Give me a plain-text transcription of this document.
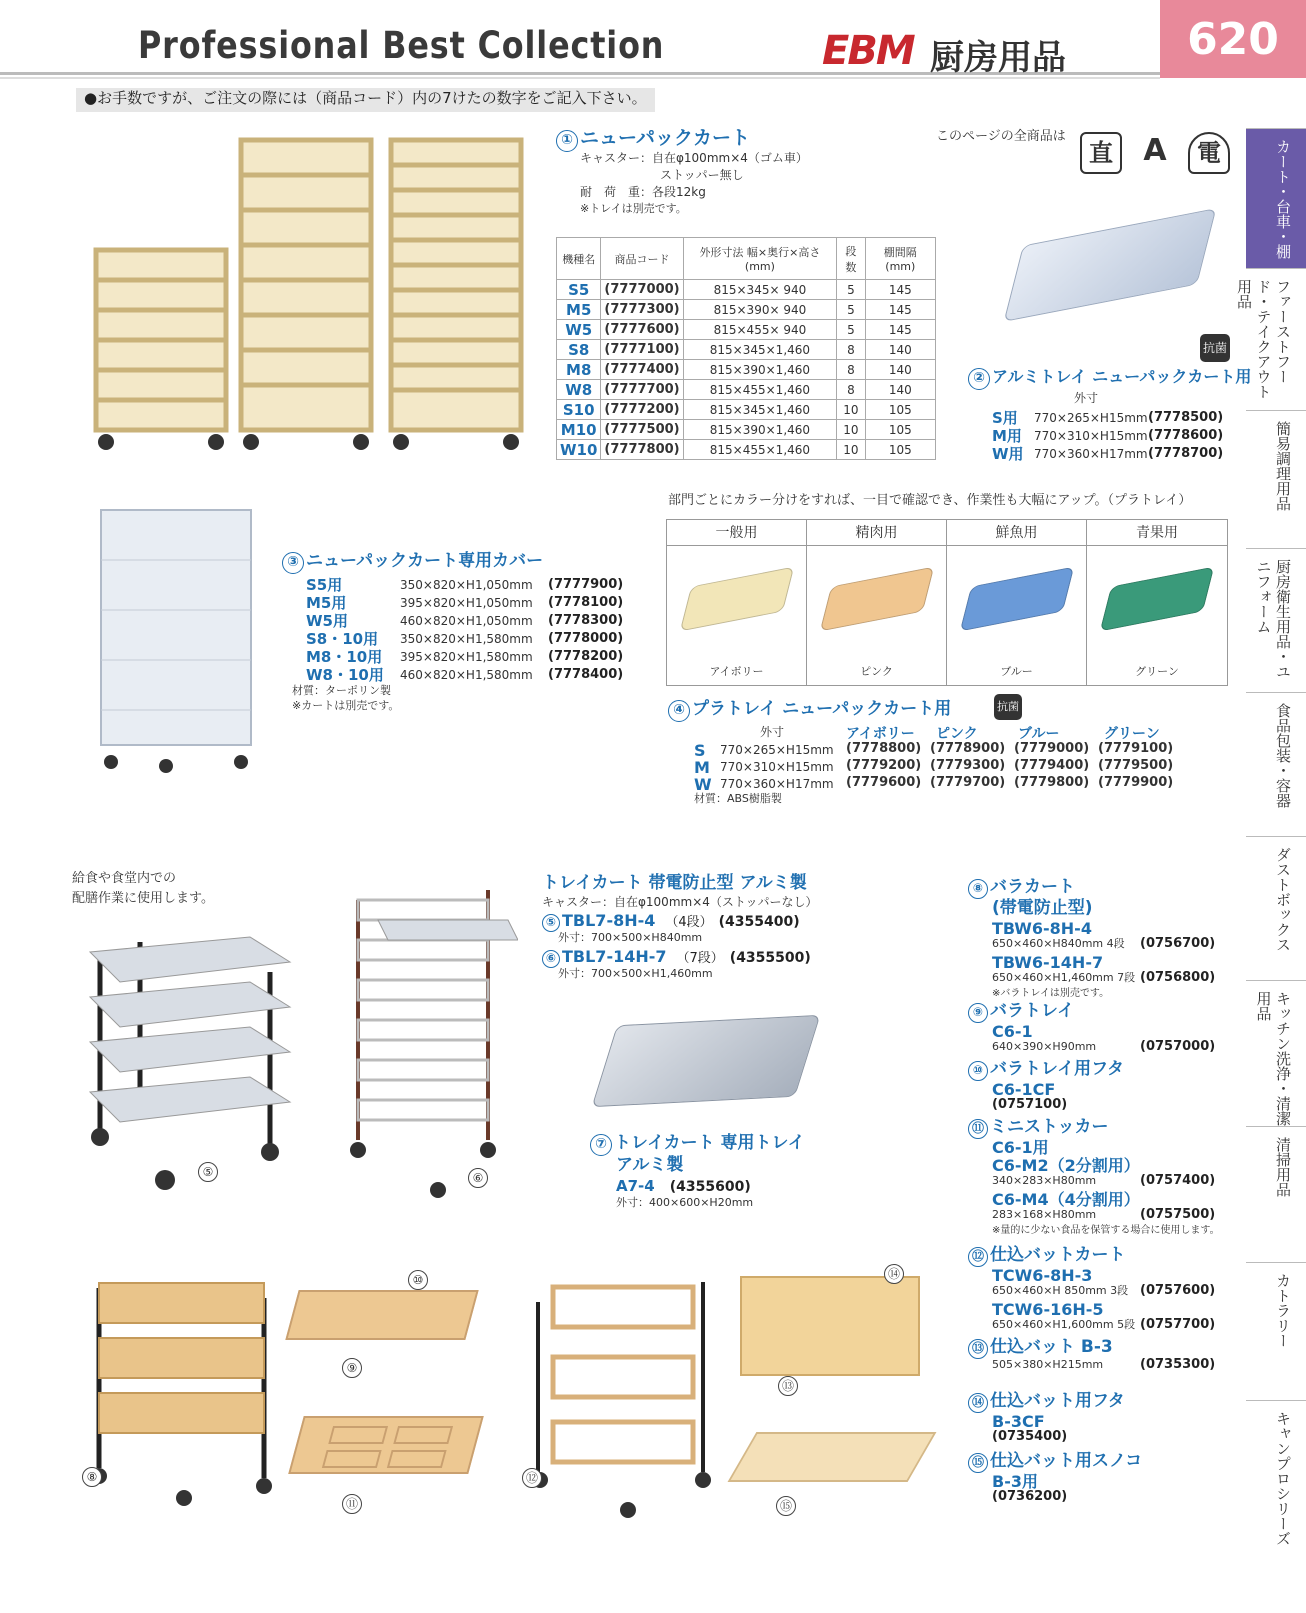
Professional Best Collection	EBM 厨房用品	620
●お手数ですが、ご注文の際には（商品コード）内の7けたの数字をご記入下さい。
カート・台車・棚
ファーストフード・テイクアウト用品
簡易調理用品
厨房衛生用品・ユニフォーム
食品包装・容器
ダストボックス
キッチン洗浄・清潔用品
清掃用品
カトラリー
キャンプロシリーズ
このページの全商品は
直	A	電
① ニューパックカート
キャスター：自在φ100mm×4（ゴム車）
ストッパー無し
耐　荷　重：各段12kg
※トレイは別売です。
機種名	商品コード	外形寸法 幅×奥行×高さ(mm)	段数	棚間隔 (mm)
S5	(7777000)	815×345× 940	5	145
M5	(7777300)	815×390× 940	5	145
W5	(7777600)	815×455× 940	5	145
S8	(7777100)	815×345×1,460	8	140
M8	(7777400)	815×390×1,460	8	140
W8	(7777700)	815×455×1,460	8	140
S10	(7777200)	815×345×1,460	10	105
M10	(7777500)	815×390×1,460	10	105
W10	(7777800)	815×455×1,460	10	105
抗菌
② アルミトレイ ニューパックカート用
外寸
S用 770×265×H15mm (7778500)
M用 770×310×H15mm (7778600)
W用 770×360×H17mm (7778700)
③ ニューパックカート専用カバー
S5用	350×820×H1,050mm (7777900)
M5用	395×820×H1,050mm (7778100)
W5用	460×820×H1,050mm (7778300)
S8・10用 350×820×H1,580mm (7778000)
M8・10用 395×820×H1,580mm (7778200)
W8・10用 460×820×H1,580mm (7778400)
材質：ターポリン製
※カートは別売です。
部門ごとにカラー分けをすれば、一目で確認でき、作業性も大幅にアップ。（プラトレイ）
一般用
アイボリー
精肉用
ピンク
鮮魚用
ブルー
青果用
グリーン
④ プラトレイ ニューパックカート用	抗菌
外寸	アイボリー ピンク	ブルー	グリーン
S 770×265×H15mm (7778800) (7778900) (7779000) (7779100)
M 770×310×H15mm (7779200) (7779300) (7779400) (7779500)
W 770×360×H17mm (7779600) (7779700) (7779800) (7779900)
材質：ABS樹脂製
給食や食堂内での
配膳作業に使用します。
⑤	⑥
トレイカート 帯電防止型 アルミ製
キャスター：自在φ100mm×4（ストッパーなし）
⑤ TBL7-8H-4 （4段） (4355400)
外寸：700×500×H840mm
⑥ TBL7-14H-7 （7段） (4355500)
外寸：700×500×H1,460mm
⑦ トレイカート 専用トレイ
アルミ製
A7-4　 (4355600)
外寸：400×600×H20mm
⑧
⑨
⑩
⑪
⑫
⑬
⑭
⑮
⑧ バラカート
(帯電防止型)
TBW6-8H-4
650×460×H840mm 4段 (0756700)
TBW6-14H-7
650×460×H1,460mm 7段 (0756800)
※バラトレイは別売です。
⑨ バラトレイ
C6-1
640×390×H90mm	(0757000)
⑩ バラトレイ用フタ
C6-1CF
(0757100)
⑪ ミニストッカー
C6-1用
C6-M2（2分割用）
340×283×H80mm	(0757400)
C6-M4（4分割用）
283×168×H80mm	(0757500)
※量的に少ない食品を保管する場合に使用します。
⑫ 仕込バットカート
TCW6-8H-3
650×460×H 850mm 3段 (0757600)
TCW6-16H-5
650×460×H1,600mm 5段 (0757700)
⑬ 仕込バット B-3
505×380×H215mm	(0735300)
⑭ 仕込バット用フタ
B-3CF
(0735400)
⑮ 仕込バット用スノコ
B-3用
(0736200)
